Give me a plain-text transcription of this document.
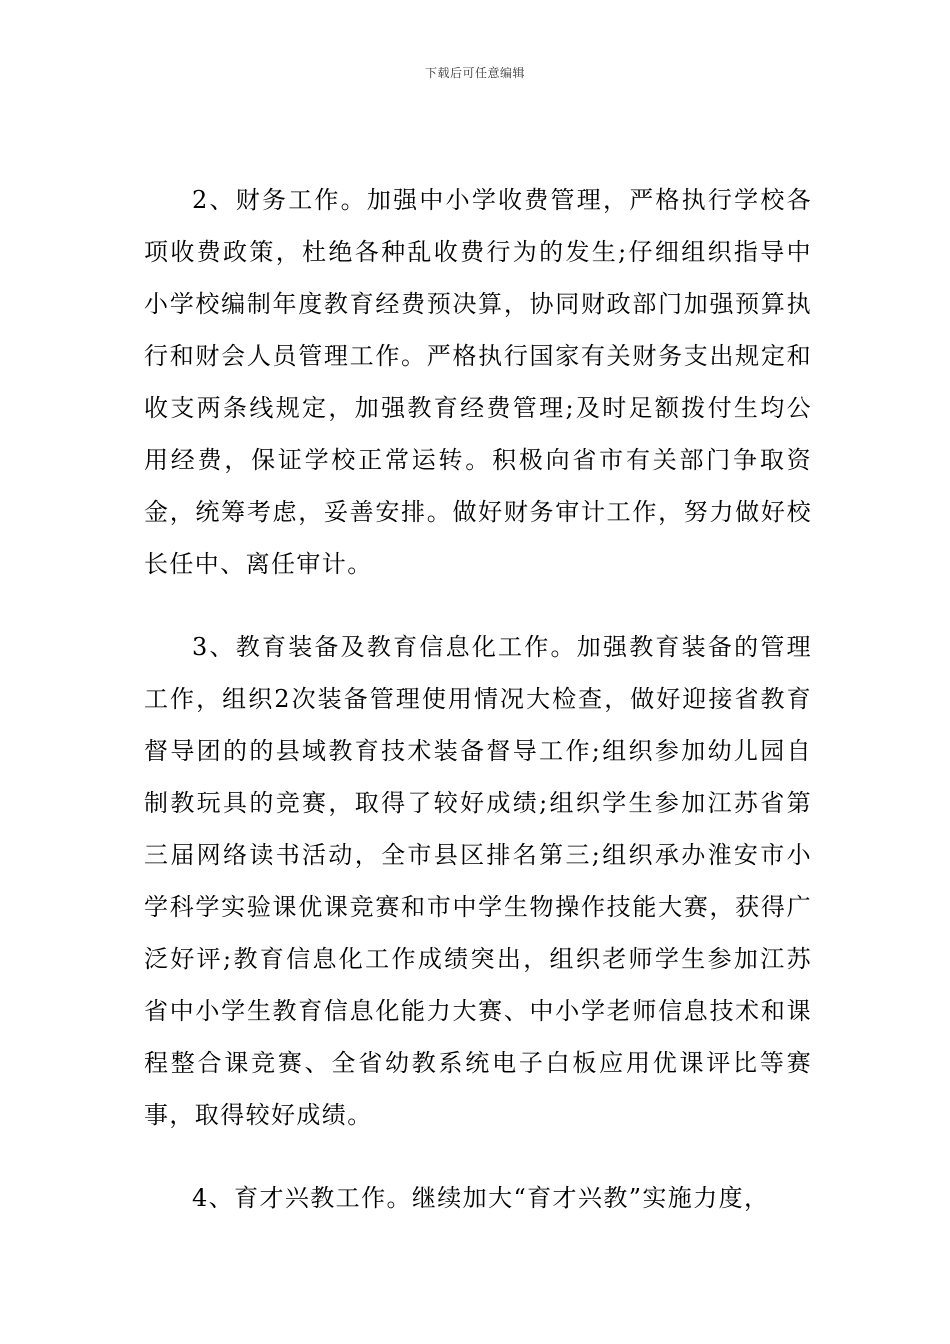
下载后可任意编辑

2、财务工作。加强中小学收费管理，严格执行学校各项收费政策，杜绝各种乱收费行为的发生;仔细组织指导中小学校编制年度教育经费预决算，协同财政部门加强预算执行和财会人员管理工作。严格执行国家有关财务支出规定和收支两条线规定，加强教育经费管理;及时足额拨付生均公用经费，保证学校正常运转。积极向省市有关部门争取资金，统筹考虑，妥善安排。做好财务审计工作，努力做好校长任中、离任审计。

3、教育装备及教育信息化工作。加强教育装备的管理工作，组织2次装备管理使用情况大检查，做好迎接省教育督导团的的县域教育技术装备督导工作;组织参加幼儿园自制教玩具的竞赛，取得了较好成绩;组织学生参加江苏省第三届网络读书活动，全市县区排名第三;组织承办淮安市小学科学实验课优课竞赛和市中学生物操作技能大赛，获得广泛好评;教育信息化工作成绩突出，组织老师学生参加江苏省中小学生教育信息化能力大赛、中小学老师信息技术和课程整合课竞赛、全省幼教系统电子白板应用优课评比等赛事，取得较好成绩。

4、育才兴教工作。继续加大“育才兴教”实施力度，
